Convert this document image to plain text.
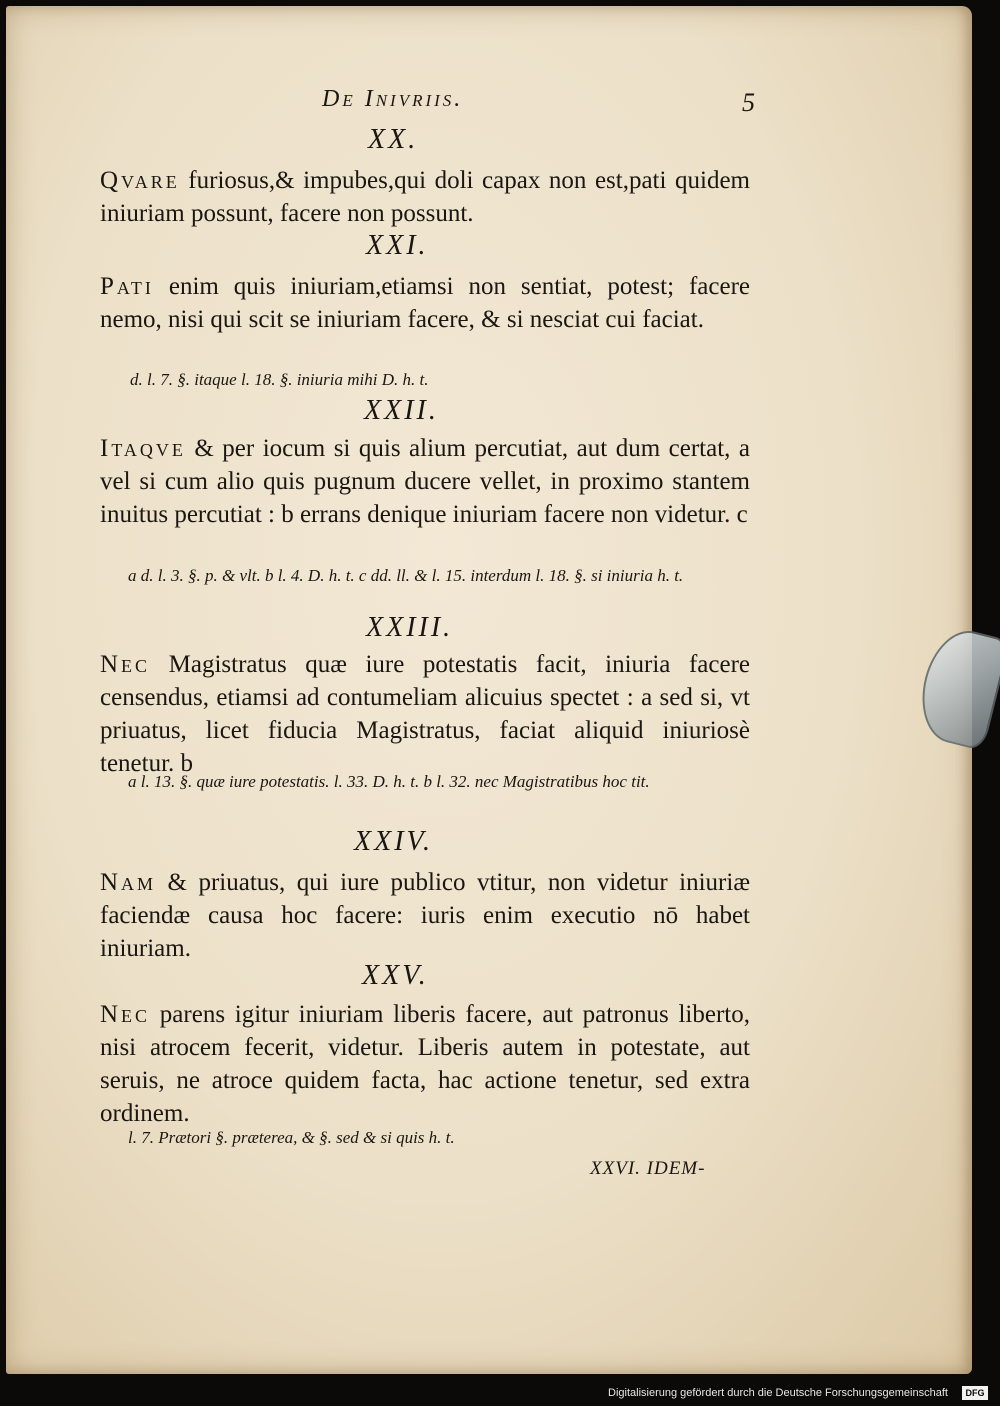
De Inivriis.	5
XX.
Qvare furiosus,& impubes,qui doli capax non est,pati quidem iniuriam possunt, facere non possunt.
XXI.
Pati enim quis iniuriam,etiamsi non sentiat, potest; facere nemo, nisi qui scit se iniuriam facere, & si nesciat cui faciat.
d. l. 7. §. itaque l. 18. §. iniuria mihi D. h. t.
XXII.
Itaqve & per iocum si quis alium percutiat, aut dum certat, a vel si cum alio quis pugnum ducere vellet, in proximo stantem inuitus percutiat : b errans denique iniuriam facere non videtur. c
a d. l. 3. §. p. & vlt. b l. 4. D. h. t. c dd. ll. & l. 15. interdum l. 18. §. si iniuria h. t.
XXIII.
Nec Magistratus quæ iure potestatis facit, iniuria facere censendus, etiamsi ad contumeliam alicuius spectet : a sed si, vt priuatus, licet fiducia Magistratus, faciat aliquid iniuriosè tenetur. b
a l. 13. §. quæ iure potestatis. l. 33. D. h. t. b l. 32. nec Magistratibus hoc tit.
XXIV.
Nam & priuatus, qui iure publico vtitur, non videtur iniuriæ faciendæ causa hoc facere: iuris enim executio nō habet iniuriam.
XXV.
Nec parens igitur iniuriam liberis facere, aut patronus liberto, nisi atrocem fecerit, videtur. Liberis autem in potestate, aut seruis, ne atroce quidem facta, hac actione tenetur, sed extra ordinem.
l. 7. Prætori §. præterea, & §. sed & si quis h. t.
XXVI. IDEM-
Digitalisierung gefördert durch die Deutsche Forschungsgemeinschaft	DFG
